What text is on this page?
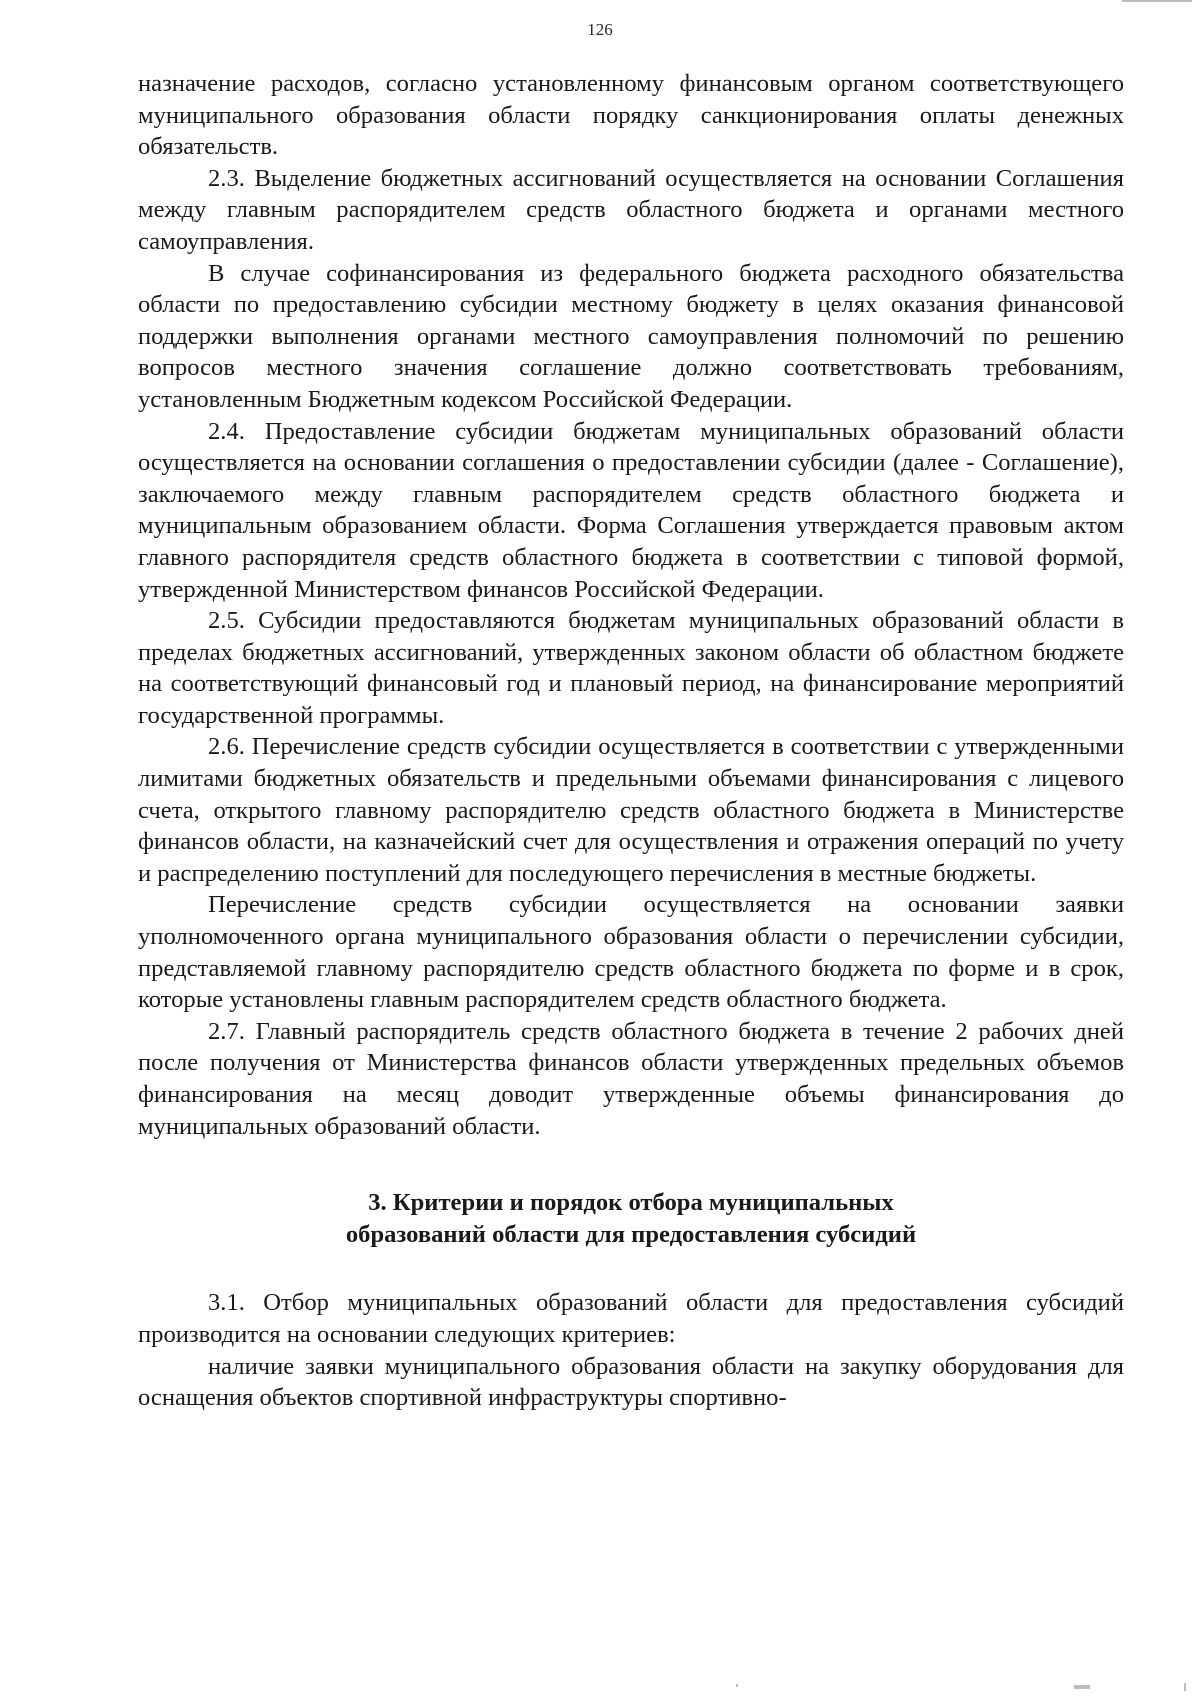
126

назначение расходов, согласно установленному финансовым органом соответствующего муниципального образования области порядку санкционирования оплаты денежных обязательств.

2.3. Выделение бюджетных ассигнований осуществляется на основании Соглашения между главным распорядителем средств областного бюджета и органами местного самоуправления.

В случае софинансирования из федерального бюджета расходного обязательства области по предоставлению субсидии местному бюджету в целях оказания финансовой поддержки выполнения органами местного самоуправления полномочий по решению вопросов местного значения соглашение должно соответствовать требованиям, установленным Бюджетным кодексом Российской Федерации.

2.4. Предоставление субсидии бюджетам муниципальных образований области осуществляется на основании соглашения о предоставлении субсидии (далее - Соглашение), заключаемого между главным распорядителем средств областного бюджета и муниципальным образованием области. Форма Соглашения утверждается правовым актом главного распорядителя средств областного бюджета в соответствии с типовой формой, утвержденной Министерством финансов Российской Федерации.

2.5. Субсидии предоставляются бюджетам муниципальных образований области в пределах бюджетных ассигнований, утвержденных законом области об областном бюджете на соответствующий финансовый год и плановый период, на финансирование мероприятий государственной программы.

2.6. Перечисление средств субсидии осуществляется в соответствии с утвержденными лимитами бюджетных обязательств и предельными объемами финансирования с лицевого счета, открытого главному распорядителю средств областного бюджета в Министерстве финансов области, на казначейский счет для осуществления и отражения операций по учету и распределению поступлений для последующего перечисления в местные бюджеты.

Перечисление средств субсидии осуществляется на основании заявки уполномоченного органа муниципального образования области о перечислении субсидии, представляемой главному распорядителю средств областного бюджета по форме и в срок, которые установлены главным распорядителем средств областного бюджета.

2.7. Главный распорядитель средств областного бюджета в течение 2 рабочих дней после получения от Министерства финансов области утвержденных предельных объемов финансирования на месяц доводит утвержденные объемы финансирования до муниципальных образований области.

3. Критерии и порядок отбора муниципальных
образований области для предоставления субсидий

3.1. Отбор муниципальных образований области для предоставления субсидий производится на основании следующих критериев:

наличие заявки муниципального образования области на закупку оборудования для оснащения объектов спортивной инфраструктуры спортивно-
